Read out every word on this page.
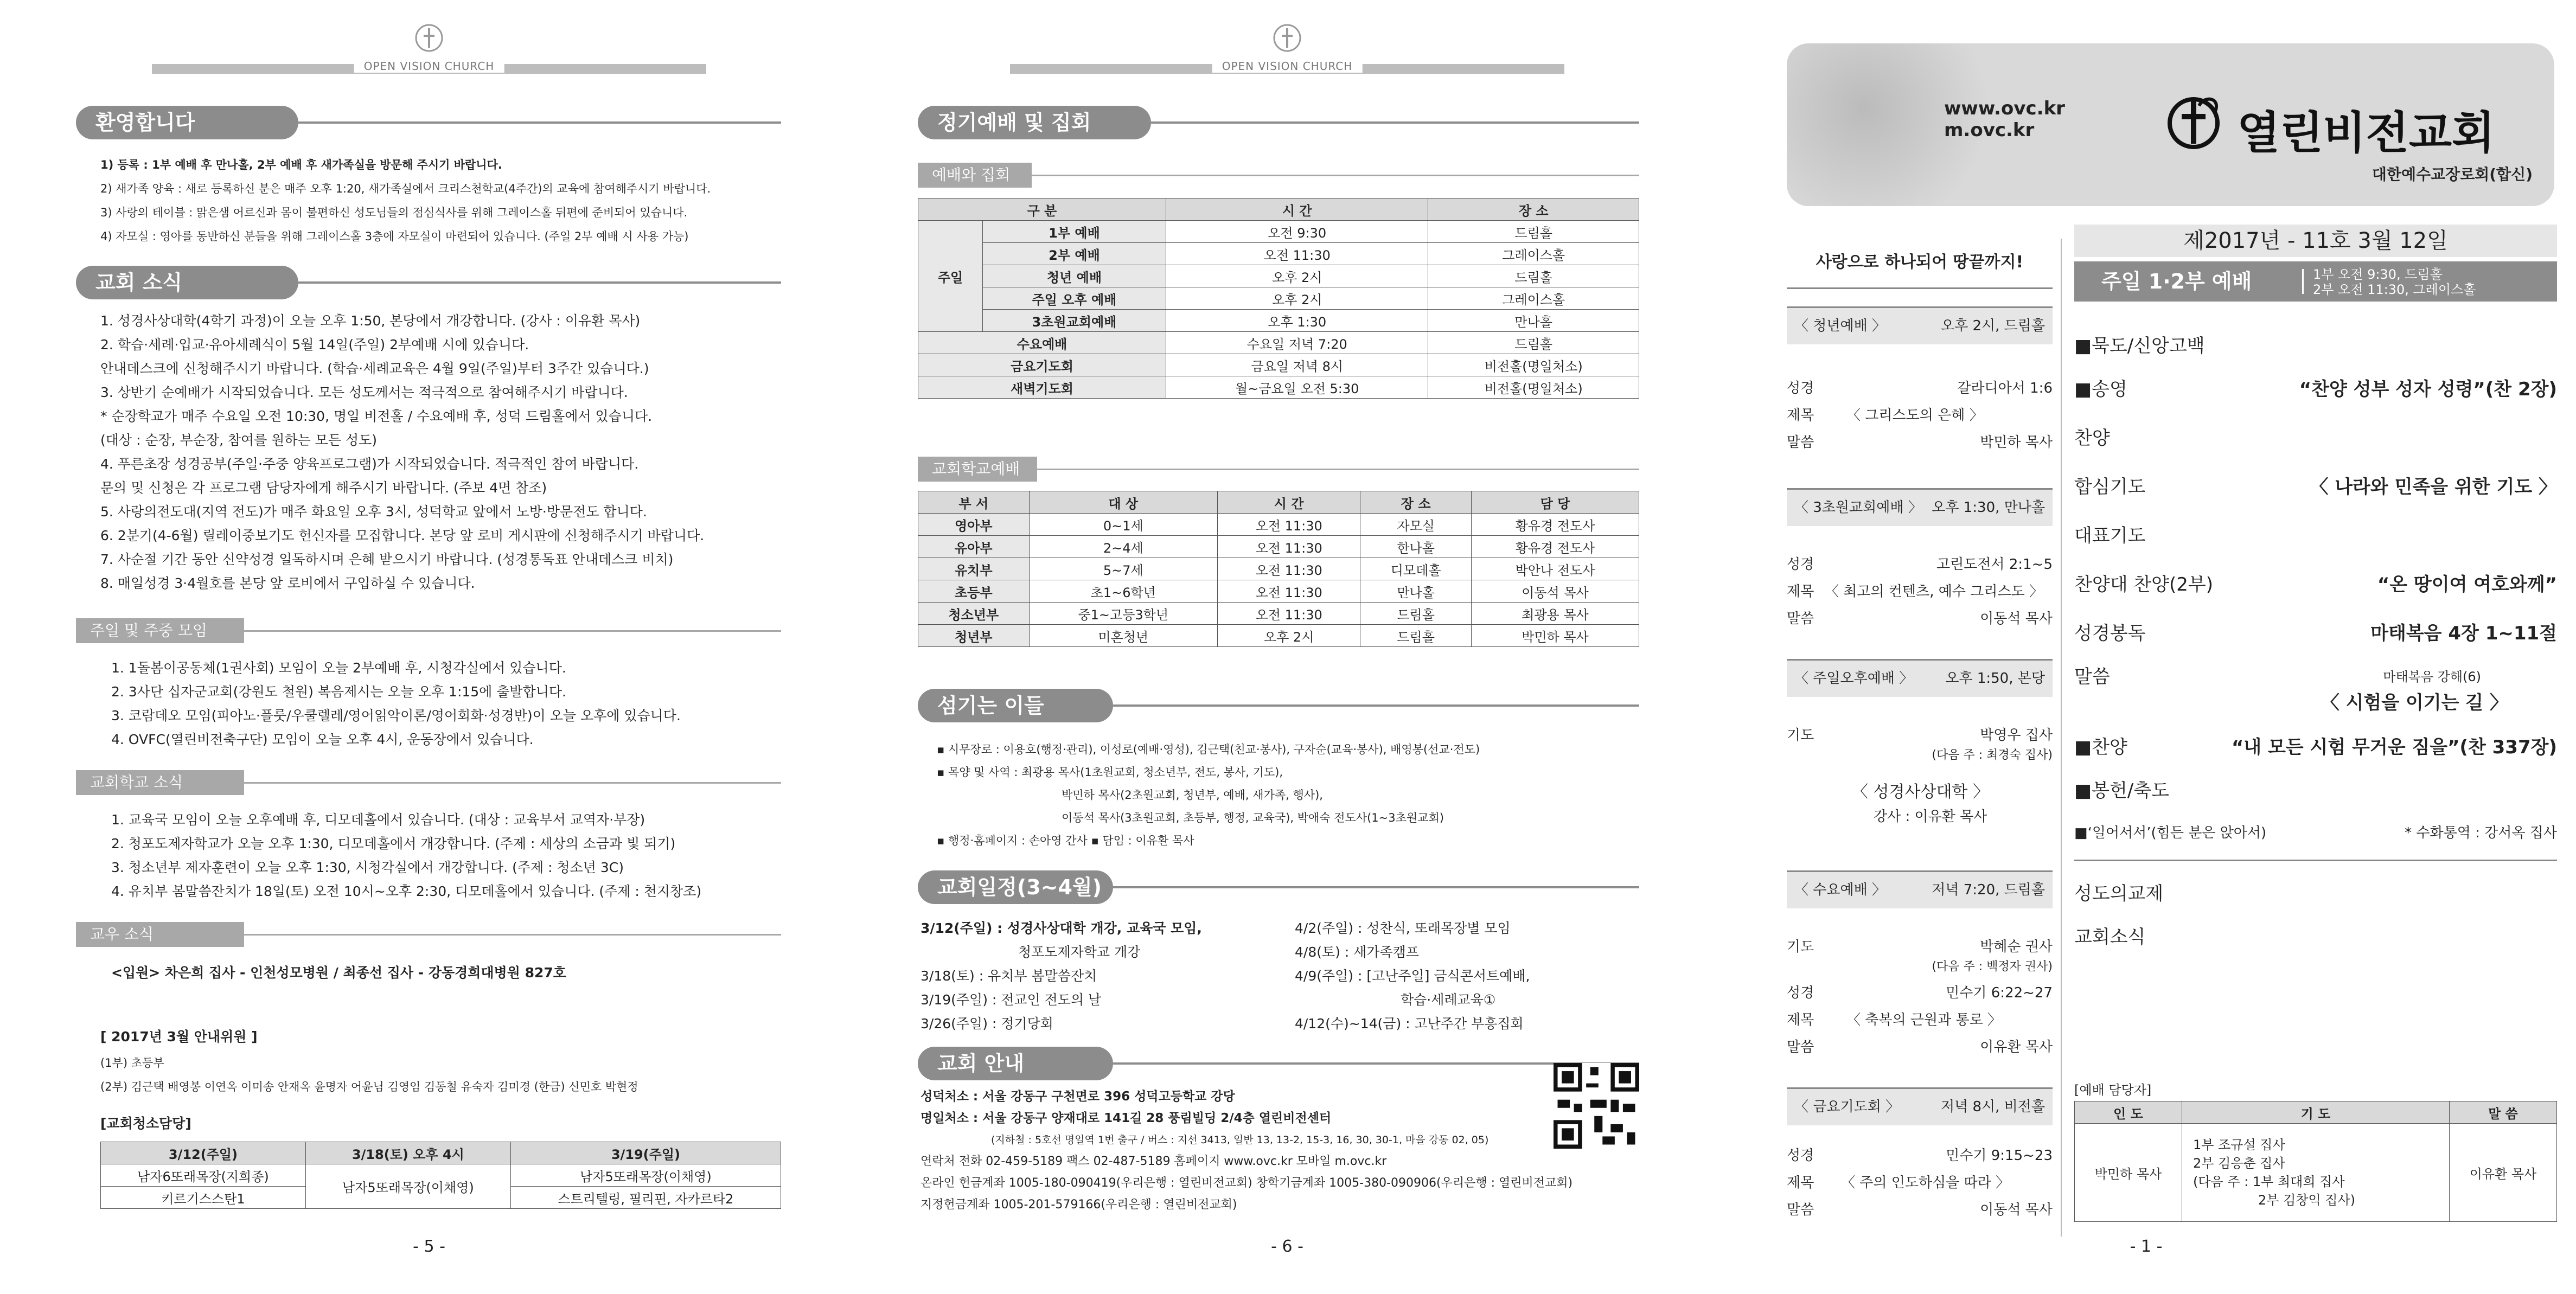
OPEN VISION CHURCH
환영합니다
1) 등록 : 1부 예배 후 만나홀, 2부 예배 후 새가족실을 방문해 주시기 바랍니다.
2) 새가족 양육 : 새로 등록하신 분은 매주 오후 1:20, 새가족실에서 크리스천학교(4주간)의 교육에 참여해주시기 바랍니다.
3) 사랑의 테이블 : 맑은샘 어르신과 몸이 불편하신 성도님들의 점심식사를 위해 그레이스홀 뒤편에 준비되어 있습니다.
4) 자모실 : 영아를 동반하신 분들을 위해 그레이스홀 3층에 자모실이 마련되어 있습니다. (주일 2부 예배 시 사용 가능)
교회 소식
1. 성경사상대학(4학기 과정)이 오늘 오후 1:50, 본당에서 개강합니다. (강사 : 이유환 목사)
2. 학습·세례·입교·유아세례식이 5월 14일(주일) 2부예배 시에 있습니다.
안내데스크에 신청해주시기 바랍니다. (학습·세례교육은 4월 9일(주일)부터 3주간 있습니다.)
3. 상반기 순예배가 시작되었습니다. 모든 성도께서는 적극적으로 참여해주시기 바랍니다.
* 순장학교가 매주 수요일 오전 10:30, 명일 비전홀 / 수요예배 후, 성덕 드림홀에서 있습니다.
(대상 : 순장, 부순장, 참여를 원하는 모든 성도)
4. 푸른초장 성경공부(주일·주중 양육프로그램)가 시작되었습니다. 적극적인 참여 바랍니다.
문의 및 신청은 각 프로그램 담당자에게 해주시기 바랍니다. (주보 4면 참조)
5. 사랑의전도대(지역 전도)가 매주 화요일 오후 3시, 성덕학교 앞에서 노방·방문전도 합니다.
6. 2분기(4-6월) 릴레이중보기도 헌신자를 모집합니다. 본당 앞 로비 게시판에 신청해주시기 바랍니다.
7. 사순절 기간 동안 신약성경 일독하시며 은혜 받으시기 바랍니다. (성경통독표 안내데스크 비치)
8. 매일성경 3·4월호를 본당 앞 로비에서 구입하실 수 있습니다.
주일 및 주중 모임
1. 1돌봄이공동체(1권사회) 모임이 오늘 2부예배 후, 시청각실에서 있습니다.
2. 3사단 십자군교회(강원도 철원) 복음제시는 오늘 오후 1:15에 출발합니다.
3. 코람데오 모임(피아노·플룻/우쿨렐레/영어읽악이론/영어회화·성경반)이 오늘 오후에 있습니다.
4. OVFC(열린비전축구단) 모임이 오늘 오후 4시, 운동장에서 있습니다.
교회학교 소식
1. 교육국 모임이 오늘 오후예배 후, 디모데홀에서 있습니다. (대상 : 교육부서 교역자·부장)
2. 청포도제자학교가 오늘 오후 1:30, 디모데홀에서 개강합니다. (주제 : 세상의 소금과 빛 되기)
3. 청소년부 제자훈련이 오늘 오후 1:30, 시청각실에서 개강합니다. (주제 : 청소년 3C)
4. 유치부 봄말씀잔치가 18일(토) 오전 10시~오후 2:30, 디모데홀에서 있습니다. (주제 : 천지창조)
교우 소식
<입원> 차은희 집사 - 인천성모병원 / 최종선 집사 - 강동경희대병원 827호
[ 2017년 3월 안내위원 ]
(1부) 초등부
(2부) 김근택 배영봉 이연옥 이미송 안재옥 윤명자 어윤님 김영임 김동철 유숙자 김미경 (한금) 신민호 박현정
[교회청소담당]
3/12(주일)	3/18(토) 오후 4시	3/19(주일)
남자6또래목장(지희종)	남자5또래목장(이채영)	남자5또래목장(이채영)
키르기스스탄1		스트리텔링, 필리핀, 자카르타2
- 5 -
OPEN VISION CHURCH
정기예배 및 집회
예배와 집회
구 분		시 간	장 소
주일	1부 예배	오전 9:30	드림홀
	2부 예배	오전 11:30	그레이스홀
	청년 예배	오후 2시	드림홀
	주일 오후 예배	오후 2시	그레이스홀
	3초원교회예배	오후 1:30	만나홀
수요예배		수요일 저녁 7:20	드림홀
금요기도회		금요일 저녁 8시	비전홀(명일처소)
새벽기도회		월~금요일 오전 5:30	비전홀(명일처소)
교회학교예배
부 서	대 상	시 간	장 소	담 당
영아부	0~1세	오전 11:30	자모실	황유경 전도사
유아부	2~4세	오전 11:30	한나홀	황유경 전도사
유치부	5~7세	오전 11:30	디모데홀	박안나 전도사
초등부	초1~6학년	오전 11:30	만나홀	이동석 목사
청소년부	중1~고등3학년	오전 11:30	드림홀	최광용 목사
청년부	미혼청년	오후 2시	드림홀	박민하 목사
섬기는 이들
▪ 시무장로 : 이용호(행정·관리), 이성로(예배·영성), 김근택(친교·봉사), 구자순(교육·봉사), 배영봉(선교·전도)
▪ 목양 및 사역 : 최광용 목사(1초원교회, 청소년부, 전도, 봉사, 기도),
박민하 목사(2초원교회, 청년부, 예배, 새가족, 행사),
이동석 목사(3초원교회, 초등부, 행정, 교육국), 박애숙 전도사(1~3초원교회)
▪ 행정·홈페이지 : 손아영 간사 ▪ 담임 : 이유환 목사
교회일정(3~4월)
3/12(주일) : 성경사상대학 개강, 교육국 모임,
청포도제자학교 개강
3/18(토) : 유치부 봄말씀잔치
3/19(주일) : 전교인 전도의 날
3/26(주일) : 정기당회
4/2(주일) : 성찬식, 또래목장별 모임
4/8(토) : 새가족캠프
4/9(주일) : [고난주일] 금식콘서트예배,
학습·세례교육①
4/12(수)~14(금) : 고난주간 부흥집회
교회 안내
성덕처소 : 서울 강동구 구천면로 396 성덕고등학교 강당
명일처소 : 서울 강동구 양재대로 141길 28 풍림빌딩 2/4층 열린비전센터
(지하철 : 5호선 명일역 1번 출구 / 버스 : 지선 3413, 일반 13, 13-2, 15-3, 16, 30, 30-1, 마을 강동 02, 05)
연락처 전화 02-459-5189 팩스 02-487-5189 홈페이지 www.ovc.kr 모바일 m.ovc.kr
온라인 헌금계좌 1005-180-090419(우리은행 : 열린비전교회) 창학기금계좌 1005-380-090906(우리은행 : 열린비전교회)
지정헌금계좌 1005-201-579166(우리은행 : 열린비전교회)
- 6 -
www.ovc.kr
m.ovc.kr	열린비전교회
대한예수교장로회(합신)
사랑으로 하나되어 땅끝까지!
〈 청년예배 〉	오후 2시, 드림홀
성경	갈라디아서 1:6
제목 〈 그리스도의 은혜 〉
말씀	박민하 목사
〈 3초원교회예배 〉 오후 1:30, 만나홀
성경	고린도전서 2:1~5
제목 〈 최고의 컨텐츠, 예수 그리스도 〉
말씀	이동석 목사
〈 주일오후예배 〉 오후 1:50, 본당
기도	박영우 집사
(다음 주 : 최경숙 집사)
〈 성경사상대학 〉
강사 : 이유환 목사
〈 수요예배 〉	저녁 7:20, 드림홀
기도	박혜순 권사
(다음 주 : 백정자 권사)
성경	민수기 6:22~27
제목 〈 축복의 근원과 통로 〉
말씀	이유환 목사
〈 금요기도회 〉	저녁 8시, 비전홀
성경	민수기 9:15~23
제목 〈 주의 인도하심을 따라 〉
말씀	이동석 목사
제2017년 - 11호 3월 12일
주일 1·2부 예배	1부 오전 9:30, 드림홀
2부 오전 11:30, 그레이스홀
■묵도/신앙고백
■송영	“찬양 성부 성자 성령”(찬 2장)
찬양
합심기도	〈 나라와 민족을 위한 기도 〉
대표기도
찬양대 찬양(2부)	“온 땅이여 여호와께”
성경봉독	마태복음 4장 1~11절
말씀	마태복음 강해(6)
〈 시험을 이기는 길 〉
■찬양	“내 모든 시험 무거운 짐을”(찬 337장)
■봉헌/축도
■‘일어서서’(힘든 분은 앉아서)	* 수화통역 : 강서옥 집사
성도의교제
교회소식
[예배 담당자]
인 도	기 도	말 씀
박민하 목사	1부 조규설 집사
2부 김응춘 집사
(다음 주 : 1부 최대희 집사
2부 김창익 집사)	이유환 목사
- 1 -
